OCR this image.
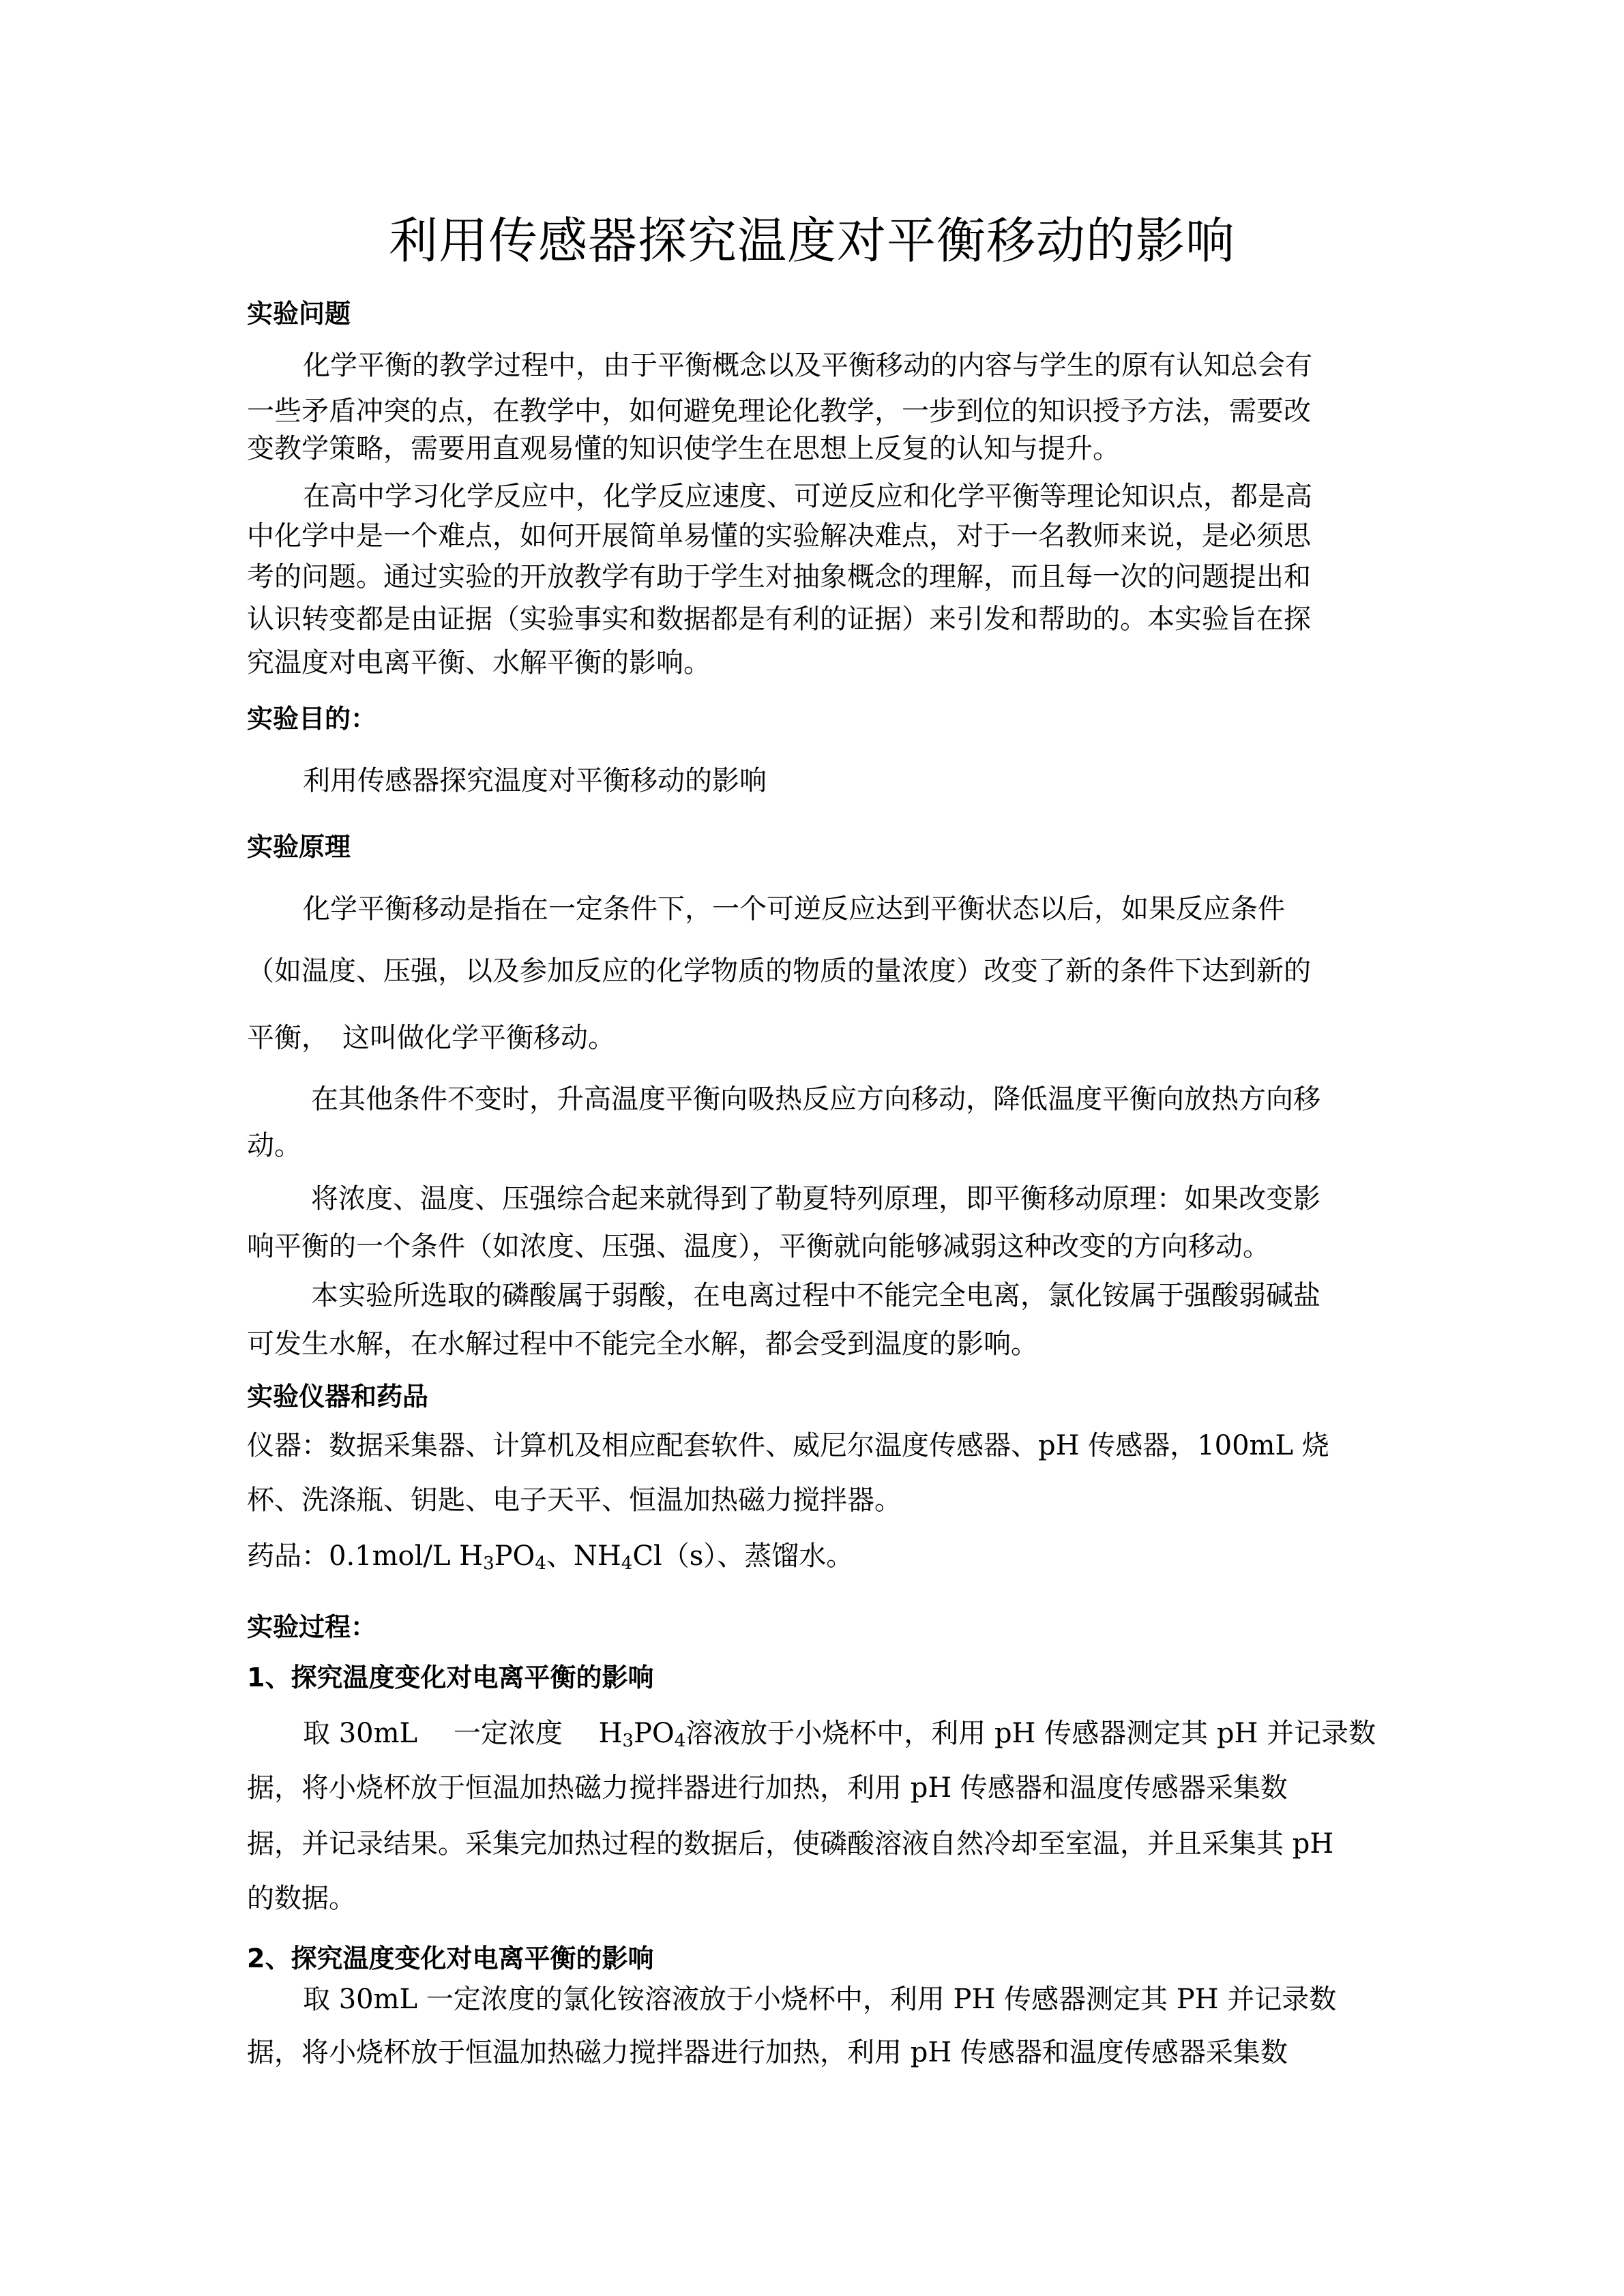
利用传感器探究温度对平衡移动的影响
实验问题
化学平衡的教学过程中，由于平衡概念以及平衡移动的内容与学生的原有认知总会有
一些矛盾冲突的点，在教学中，如何避免理论化教学，一步到位的知识授予方法，需要改
变教学策略，需要用直观易懂的知识使学生在思想上反复的认知与提升。
在高中学习化学反应中，化学反应速度、可逆反应和化学平衡等理论知识点，都是高
中化学中是一个难点，如何开展简单易懂的实验解决难点，对于一名教师来说，是必须思
考的问题。通过实验的开放教学有助于学生对抽象概念的理解，而且每一次的问题提出和
认识转变都是由证据（实验事实和数据都是有利的证据）来引发和帮助的。本实验旨在探
究温度对电离平衡、水解平衡的影响。
实验目的：
利用传感器探究温度对平衡移动的影响
实验原理
化学平衡移动是指在一定条件下，一个可逆反应达到平衡状态以后，如果反应条件
（如温度、压强，以及参加反应的化学物质的物质的量浓度）改变了新的条件下达到新的
平衡，　这叫做化学平衡移动。
在其他条件不变时，升高温度平衡向吸热反应方向移动，降低温度平衡向放热方向移
动。
将浓度、温度、压强综合起来就得到了勒夏特列原理，即平衡移动原理：如果改变影
响平衡的一个条件（如浓度、压强、温度），平衡就向能够减弱这种改变的方向移动。
本实验所选取的磷酸属于弱酸，在电离过程中不能完全电离，氯化铵属于强酸弱碱盐
可发生水解，在水解过程中不能完全水解，都会受到温度的影响。
实验仪器和药品
仪器：数据采集器、计算机及相应配套软件、威尼尔温度传感器、pH 传感器，100mL 烧
杯、洗涤瓶、钥匙、电子天平、恒温加热磁力搅拌器。
药品：0.1mol/L $H_3PO_4$、$NH_4Cl(s)$、蒸馏水。
实验过程：
1、探究温度变化对电离平衡的影响
取 30mL　 一定浓度　 $H_3PO_4$溶液放于小烧杯中，利用 pH 传感器测定其 pH 并记录数
据，将小烧杯放于恒温加热磁力搅拌器进行加热，利用 pH 传感器和温度传感器采集数
据，并记录结果。采集完加热过程的数据后，使磷酸溶液自然冷却至室温，并且采集其 pH
的数据。
2、探究温度变化对电离平衡的影响
取 30mL 一定浓度的氯化铵溶液放于小烧杯中，利用 PH 传感器测定其 PH 并记录数
据，将小烧杯放于恒温加热磁力搅拌器进行加热，利用 pH 传感器和温度传感器采集数
